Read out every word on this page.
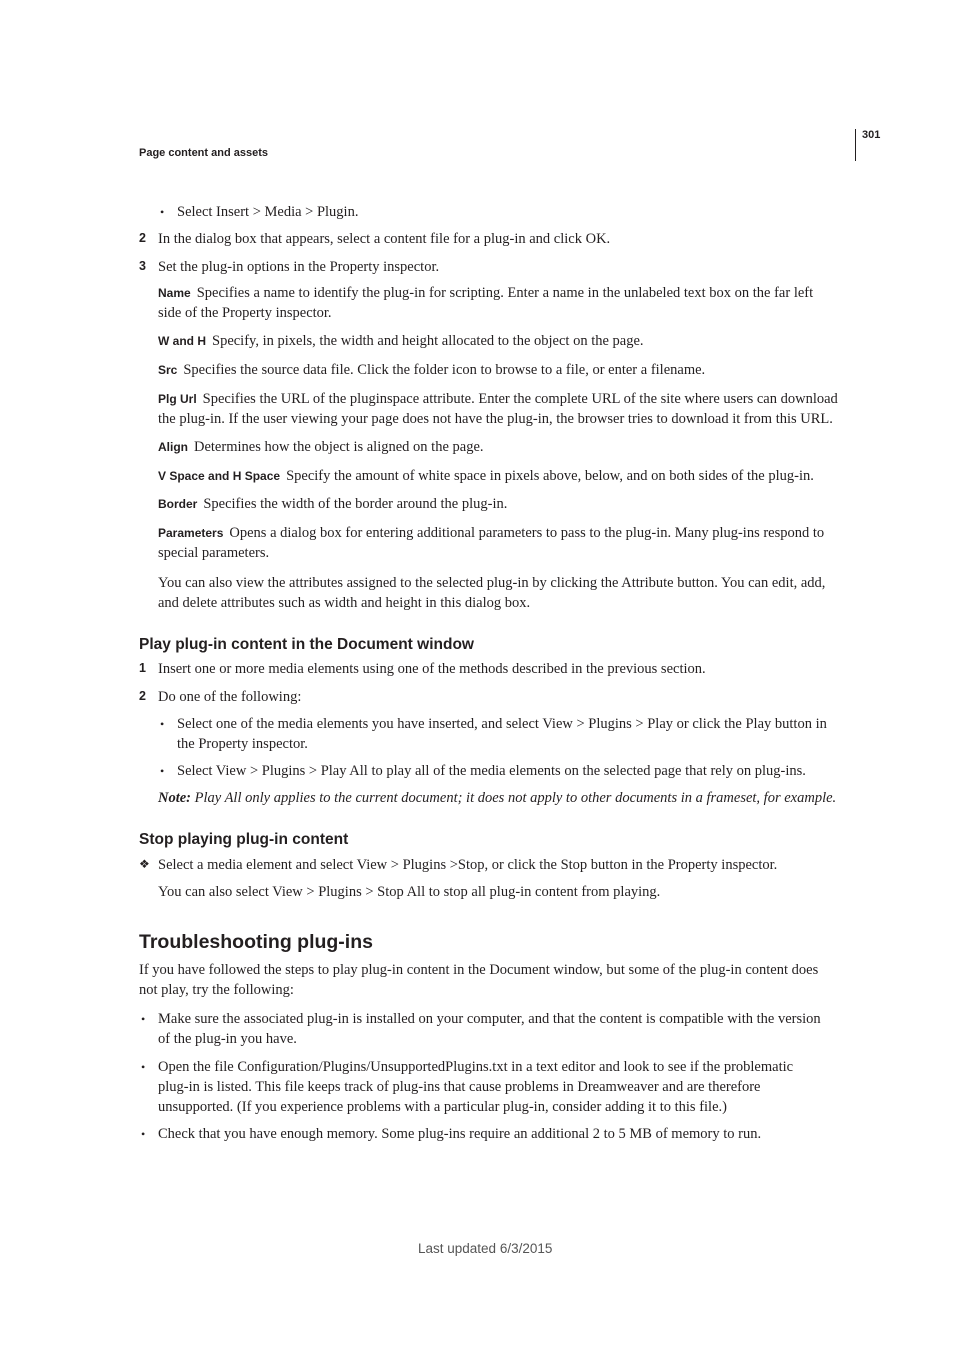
301
Page content and assets
• Select Insert > Media > Plugin.
2 In the dialog box that appears, select a content file for a plug-in and click OK.
3 Set the plug-in options in the Property inspector.
Name Specifies a name to identify the plug-in for scripting. Enter a name in the unlabeled text box on the far left
side of the Property inspector.
W and H Specify, in pixels, the width and height allocated to the object on the page.
Src Specifies the source data file. Click the folder icon to browse to a file, or enter a filename.
Plg Url Specifies the URL of the pluginspace attribute. Enter the complete URL of the site where users can download
the plug-in. If the user viewing your page does not have the plug-in, the browser tries to download it from this URL.
Align Determines how the object is aligned on the page.
V Space and H Space Specify the amount of white space in pixels above, below, and on both sides of the plug-in.
Border Specifies the width of the border around the plug-in.
Parameters Opens a dialog box for entering additional parameters to pass to the plug-in. Many plug-ins respond to
special parameters.
You can also view the attributes assigned to the selected plug-in by clicking the Attribute button. You can edit, add,
and delete attributes such as width and height in this dialog box.
Play plug-in content in the Document window
1 Insert one or more media elements using one of the methods described in the previous section.
2 Do one of the following:
• Select one of the media elements you have inserted, and select View > Plugins > Play or click the Play button in
the Property inspector.
• Select View > Plugins > Play All to play all of the media elements on the selected page that rely on plug-ins.
Note: Play All only applies to the current document; it does not apply to other documents in a frameset, for example.
Stop playing plug-in content
❖ Select a media element and select View > Plugins >Stop, or click the Stop button in the Property inspector.
You can also select View > Plugins > Stop All to stop all plug-in content from playing.
Troubleshooting plug-ins
If you have followed the steps to play plug-in content in the Document window, but some of the plug-in content does
not play, try the following:
• Make sure the associated plug-in is installed on your computer, and that the content is compatible with the version
of the plug-in you have.
• Open the file Configuration/Plugins/UnsupportedPlugins.txt in a text editor and look to see if the problematic
plug-in is listed. This file keeps track of plug-ins that cause problems in Dreamweaver and are therefore
unsupported. (If you experience problems with a particular plug-in, consider adding it to this file.)
• Check that you have enough memory. Some plug-ins require an additional 2 to 5 MB of memory to run.
Last updated 6/3/2015
